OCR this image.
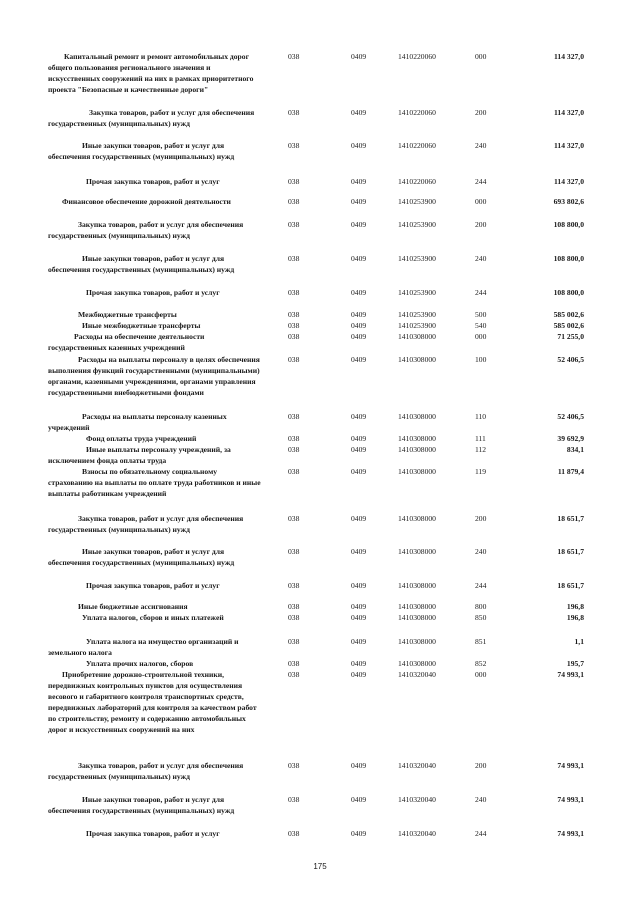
Капитальный ремонт и ремонт автомобильных дорог общего пользования регионального значения и искусственных сооружений на них в рамках приоритетного проекта "Безопасные и качественные дороги"
038	0409	1410220060	000	114 327,0
Закупка товаров, работ и услуг для обеспечения государственных (муниципальных) нужд
038	0409	1410220060	200	114 327,0
Иные закупки товаров, работ и услуг для обеспечения государственных (муниципальных) нужд
038	0409	1410220060	240	114 327,0
Прочая закупка товаров, работ и услуг	038	0409	1410220060	244	114 327,0
Финансовое обеспечение дорожной деятельности	038	0409	1410253900	000	693 802,6
Закупка товаров, работ и услуг для обеспечения государственных (муниципальных) нужд
038	0409	1410253900	200	108 800,0
Иные закупки товаров, работ и услуг для обеспечения государственных (муниципальных) нужд
038	0409	1410253900	240	108 800,0
Прочая закупка товаров, работ и услуг	038	0409	1410253900	244	108 800,0
Межбюджетные трансферты	038	0409	1410253900	500	585 002,6
Иные межбюджетные трансферты	038	0409	1410253900	540	585 002,6
Расходы на обеспечение деятельности государственных казенных учреждений
038	0409	1410308000	000	71 255,0
Расходы на выплаты персоналу в целях обеспечения выполнения функций государственными (муниципальными) органами, казенными учреждениями, органами управления государственными внебюджетными фондами
038	0409	1410308000	100	52 406,5
Расходы на выплаты персоналу казенных учреждений
038	0409	1410308000	110	52 406,5
Фонд оплаты труда учреждений	038	0409	1410308000	111	39 692,9
Иные выплаты персоналу учреждений, за исключением фонда оплаты труда
038	0409	1410308000	112	834,1
Взносы по обязательному социальному страхованию на выплаты по оплате труда работников и иные выплаты работникам учреждений
038	0409	1410308000	119	11 879,4
Закупка товаров, работ и услуг для обеспечения государственных (муниципальных) нужд
038	0409	1410308000	200	18 651,7
Иные закупки товаров, работ и услуг для обеспечения государственных (муниципальных) нужд
038	0409	1410308000	240	18 651,7
Прочая закупка товаров, работ и услуг	038	0409	1410308000	244	18 651,7
Иные бюджетные ассигнования	038	0409	1410308000	800	196,8
Уплата налогов, сборов и иных платежей	038	0409	1410308000	850	196,8
Уплата налога на имущество организаций и земельного налога
038	0409	1410308000	851	1,1
Уплата прочих налогов, сборов	038	0409	1410308000	852	195,7
Приобретение дорожно-строительной техники, передвижных контрольных пунктов для осуществления весового и габаритного контроля транспортных средств, передвижных лабораторий для контроля за качеством работ по строительству, ремонту и содержанию автомобильных дорог и искусственных сооружений на них
038	0409	1410320040	000	74 993,1
Закупка товаров, работ и услуг для обеспечения государственных (муниципальных) нужд
038	0409	1410320040	200	74 993,1
Иные закупки товаров, работ и услуг для обеспечения государственных (муниципальных) нужд
038	0409	1410320040	240	74 993,1
Прочая закупка товаров, работ и услуг	038	0409	1410320040	244	74 993,1
175
